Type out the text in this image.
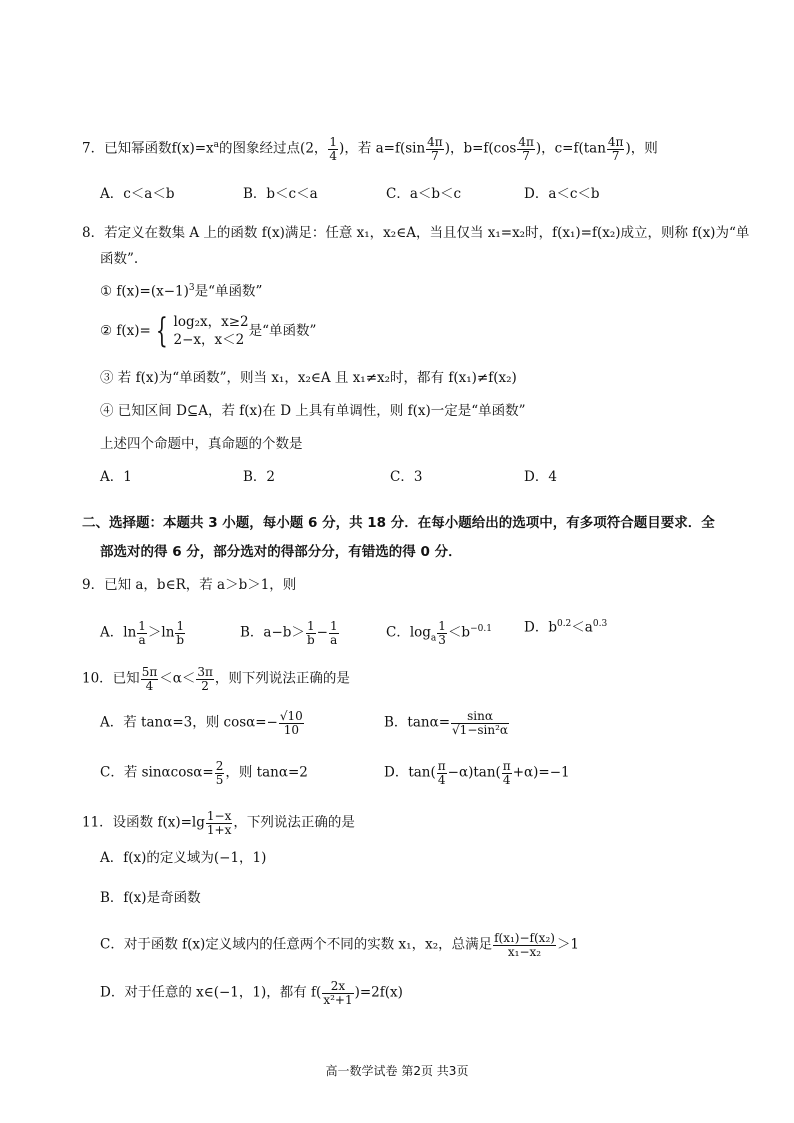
7．已知幂函数$f(x)=x^a$的图象经过点(2， $\frac{1}{4}$ )，若 $a=f(\sin \frac{4\pi}{7}$ )，$b=f(\cos \frac{4\pi}{7}$ )，$c=f(\tan \frac{4\pi}{7}$ )，则
A．c＜a＜b	B．b＜c＜a	C．a＜b＜c	D．a＜c＜b
8．若定义在数集 A 上的函数 f(x)满足：任意 x₁，x₂∈A，当且仅当 x₁=x₂时，f(x₁)=f(x₂)成立，则称 f(x)为“单
函数”.
① $f(x)=(x-1)^3$是“单函数”
② f(x)= { log₂x，x≥2
2−x，x＜2
是“单函数”
③ 若 f(x)为“单函数”，则当 x₁，x₂∈A 且 x₁≠x₂时，都有 f(x₁)≠f(x₂)
④ 已知区间 D⊆A，若 f(x)在 D 上具有单调性，则 f(x)一定是“单函数”
上述四个命题中，真命题的个数是
A．1	B．2	C．3	D．4
二、选择题：本题共 3 小题，每小题 6 分，共 18 分．在每小题给出的选项中，有多项符合题目要求．全
部选对的得 6 分，部分选对的得部分分，有错选的得 0 分．
9．已知 a，b∈R，若 a＞b＞1，则
A．$\ln \frac{1}{a} >\ln \frac{1}{b}$	B．$a-b> \frac{1}{b} - \frac{1}{a}$	C．$\log_a \frac{1}{3} <b^{-0.1}$ D．$b^{0.2}<a^{0.3}$
10．已知 $\frac{5\pi}{4} <\alpha< \frac{3\pi}{2}$ ，则下列说法正确的是
A．若 tanα=3，则 $\cos\alpha=- \frac{√10}{10}$	B．$\tan\alpha= \frac{\sin\alpha}{\text{√1−sin²α}}$
C．若 $\sin\alpha\cos\alpha= \frac{2}{5}$ ，则 tanα=2	D．$\tan( \frac{\pi}{4} -\alpha)\tan( \frac{\pi}{4} +\alpha)=-1$
11．设函数 $f(x)=\lg \frac{1-x}{1+x}$ ，下列说法正确的是
A．f(x)的定义域为(−1，1)
B．f(x)是奇函数
C．对于函数 f(x)定义域内的任意两个不同的实数 x₁，x₂，总满足 $\frac{\text{f(x₁)−f(x₂)}}{\text{x₁−x₂}} >1$
D．对于任意的 x∈(−1，1)，都有 $f( \frac{2x}{\text{x²+1}} )=2f(x)$
高一数学试卷 第2页 共3页
